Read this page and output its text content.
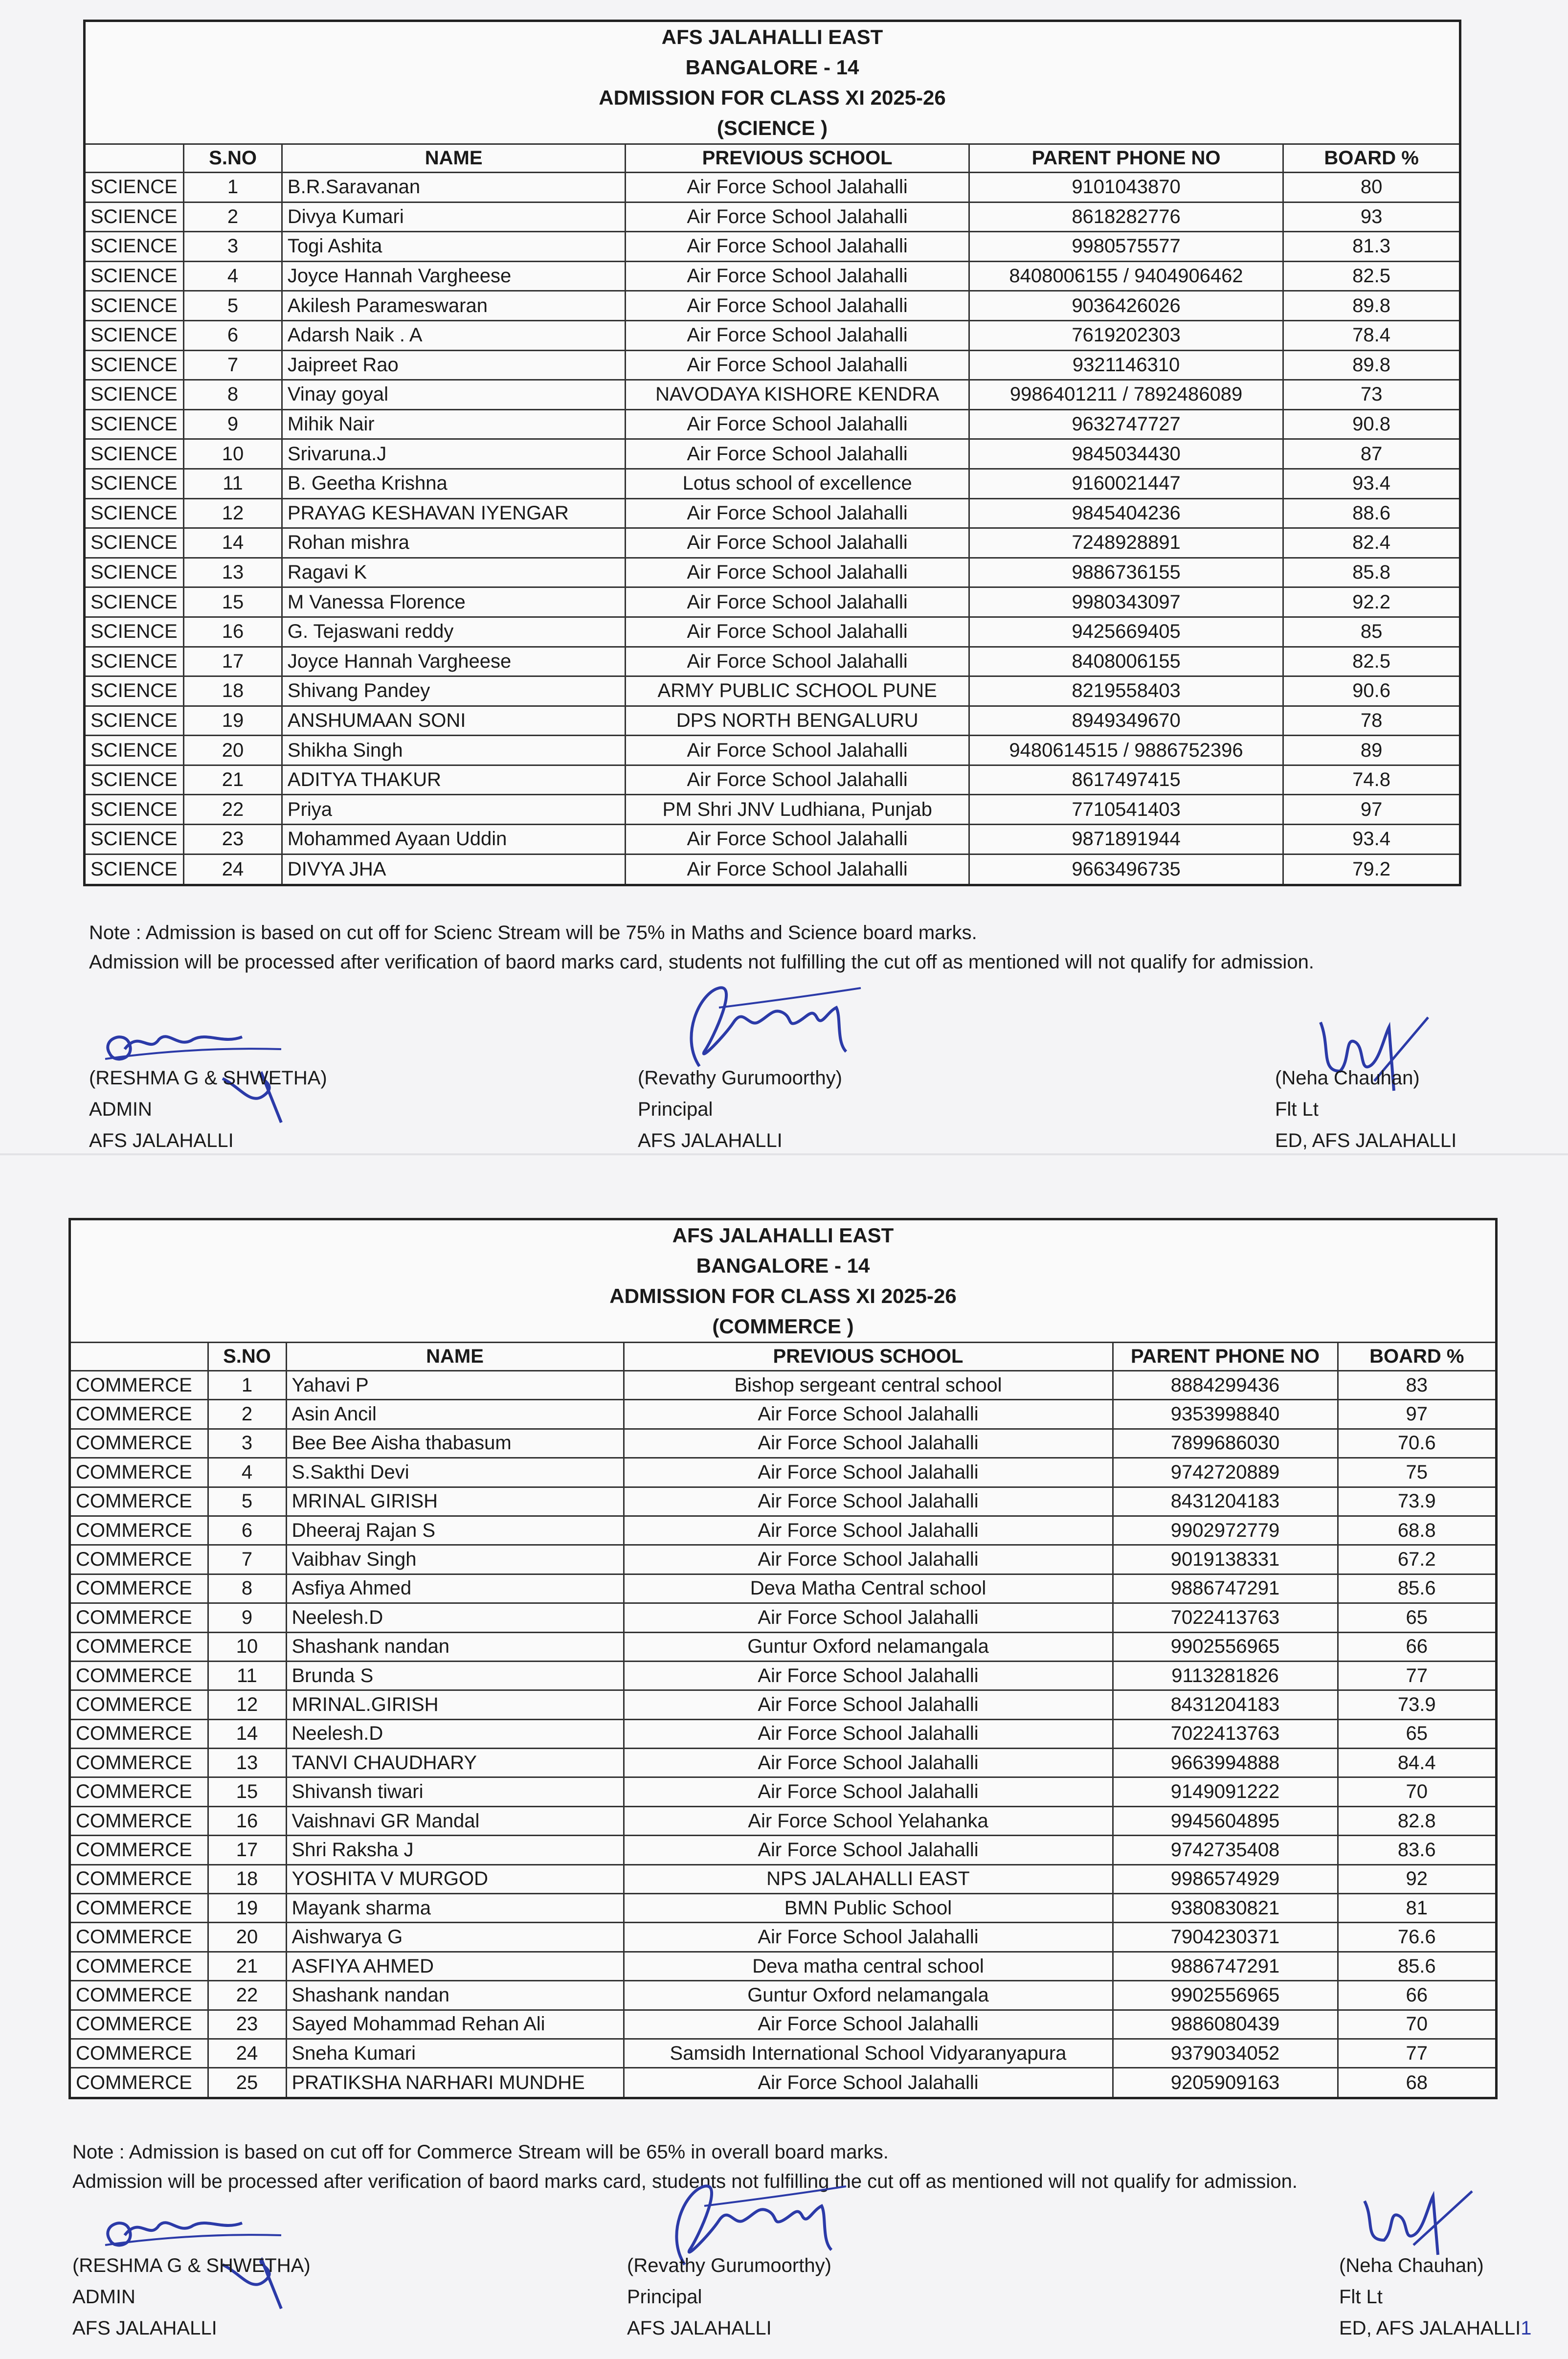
AFS JALAHALLI EAST
BANGALORE - 14
ADMISSION FOR CLASS XI 2025-26
(SCIENCE )
	S.NO	NAME	PREVIOUS SCHOOL	PARENT PHONE NO	BOARD %
SCIENCE	1	B.R.Saravanan	Air Force School Jalahalli	9101043870	80
SCIENCE	2	Divya Kumari	Air Force School Jalahalli	8618282776	93
SCIENCE	3	Togi Ashita	Air Force School Jalahalli	9980575577	81.3
SCIENCE	4	Joyce Hannah Vargheese	Air Force School Jalahalli	8408006155 / 9404906462	82.5
SCIENCE	5	Akilesh Parameswaran	Air Force School Jalahalli	9036426026	89.8
SCIENCE	6	Adarsh Naik . A	Air Force School Jalahalli	7619202303	78.4
SCIENCE	7	Jaipreet Rao	Air Force School Jalahalli	9321146310	89.8
SCIENCE	8	Vinay goyal	NAVODAYA KISHORE KENDRA	9986401211 / 7892486089	73
SCIENCE	9	Mihik Nair	Air Force School Jalahalli	9632747727	90.8
SCIENCE	10	Srivaruna.J	Air Force School Jalahalli	9845034430	87
SCIENCE	11	B. Geetha Krishna	Lotus school of excellence	9160021447	93.4
SCIENCE	12	PRAYAG KESHAVAN IYENGAR	Air Force School Jalahalli	9845404236	88.6
SCIENCE	14	Rohan mishra	Air Force School Jalahalli	7248928891	82.4
SCIENCE	13	Ragavi K	Air Force School Jalahalli	9886736155	85.8
SCIENCE	15	M Vanessa Florence	Air Force School Jalahalli	9980343097	92.2
SCIENCE	16	G. Tejaswani reddy	Air Force School Jalahalli	9425669405	85
SCIENCE	17	Joyce Hannah Vargheese	Air Force School Jalahalli	8408006155	82.5
SCIENCE	18	Shivang Pandey	ARMY PUBLIC SCHOOL PUNE	8219558403	90.6
SCIENCE	19	ANSHUMAAN SONI	DPS NORTH BENGALURU	8949349670	78
SCIENCE	20	Shikha Singh	Air Force School Jalahalli	9480614515 / 9886752396	89
SCIENCE	21	ADITYA THAKUR	Air Force School Jalahalli	8617497415	74.8
SCIENCE	22	Priya	PM Shri JNV Ludhiana, Punjab	7710541403	97
SCIENCE	23	Mohammed Ayaan Uddin	Air Force School Jalahalli	9871891944	93.4
SCIENCE	24	DIVYA JHA	Air Force School Jalahalli	9663496735	79.2
Note : Admission is based on cut off for Scienc Stream will be 75% in Maths and Science board marks.
Admission will be processed after verification of baord marks card, students not fulfilling the cut off as mentioned will not qualify for admission.
(RESHMA G & SHWETHA)
ADMIN
AFS JALAHALLI
(Revathy Gurumoorthy)
Principal
AFS JALAHALLI
(Neha Chauhan)
Flt Lt
ED, AFS JALAHALLI
AFS JALAHALLI EAST
BANGALORE - 14
ADMISSION FOR CLASS XI 2025-26
(COMMERCE )
	S.NO	NAME	PREVIOUS SCHOOL	PARENT PHONE NO	BOARD %
COMMERCE	1	Yahavi P	Bishop sergeant central school	8884299436	83
COMMERCE	2	Asin Ancil	Air Force School Jalahalli	9353998840	97
COMMERCE	3	Bee Bee Aisha thabasum	Air Force School Jalahalli	7899686030	70.6
COMMERCE	4	S.Sakthi Devi	Air Force School Jalahalli	9742720889	75
COMMERCE	5	MRINAL GIRISH	Air Force School Jalahalli	8431204183	73.9
COMMERCE	6	Dheeraj Rajan S	Air Force School Jalahalli	9902972779	68.8
COMMERCE	7	Vaibhav Singh	Air Force School Jalahalli	9019138331	67.2
COMMERCE	8	Asfiya Ahmed	Deva Matha Central school	9886747291	85.6
COMMERCE	9	Neelesh.D	Air Force School Jalahalli	7022413763	65
COMMERCE	10	Shashank nandan	Guntur Oxford nelamangala	9902556965	66
COMMERCE	11	Brunda S	Air Force School Jalahalli	9113281826	77
COMMERCE	12	MRINAL.GIRISH	Air Force School Jalahalli	8431204183	73.9
COMMERCE	14	Neelesh.D	Air Force School Jalahalli	7022413763	65
COMMERCE	13	TANVI CHAUDHARY	Air Force School Jalahalli	9663994888	84.4
COMMERCE	15	Shivansh tiwari	Air Force School Jalahalli	9149091222	70
COMMERCE	16	Vaishnavi GR Mandal	Air Force School Yelahanka	9945604895	82.8
COMMERCE	17	Shri Raksha J	Air Force School Jalahalli	9742735408	83.6
COMMERCE	18	YOSHITA V MURGOD	NPS JALAHALLI EAST	9986574929	92
COMMERCE	19	Mayank sharma	BMN Public School	9380830821	81
COMMERCE	20	Aishwarya G	Air Force School Jalahalli	7904230371	76.6
COMMERCE	21	ASFIYA AHMED	Deva matha central school	9886747291	85.6
COMMERCE	22	Shashank nandan	Guntur Oxford nelamangala	9902556965	66
COMMERCE	23	Sayed Mohammad Rehan Ali	Air Force School Jalahalli	9886080439	70
COMMERCE	24	Sneha Kumari	Samsidh International School Vidyaranyapura	9379034052	77
COMMERCE	25	PRATIKSHA NARHARI MUNDHE	Air Force School Jalahalli	9205909163	68
Note : Admission is based on cut off for Commerce Stream will be 65% in overall board marks.
Admission will be processed after verification of baord marks card, students not fulfilling the cut off as mentioned will not qualify for admission.
(RESHMA G & SHWETHA)
ADMIN
AFS JALAHALLI
(Revathy Gurumoorthy)
Principal
AFS JALAHALLI
(Neha Chauhan)
Flt Lt
ED, AFS JALAHALLI1
